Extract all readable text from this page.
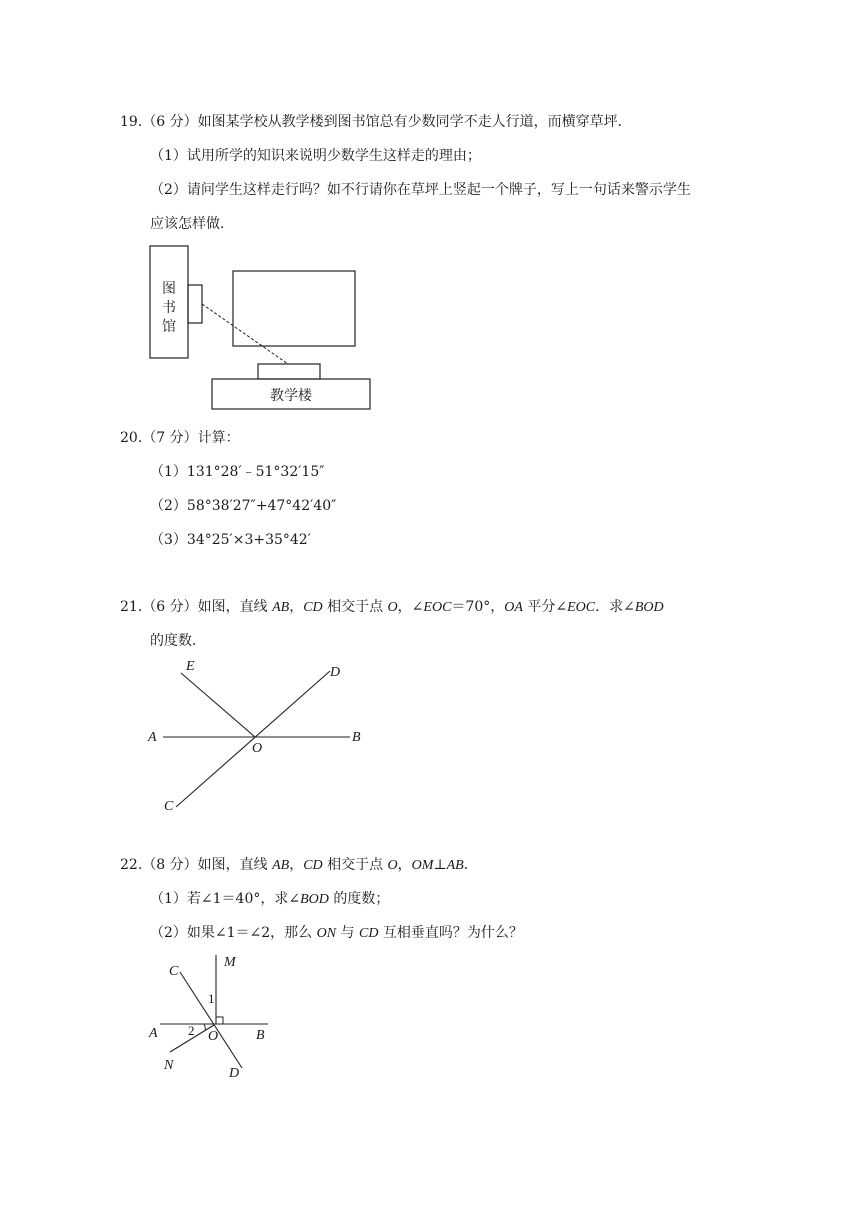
19.（6 分）如图某学校从教学楼到图书馆总有少数同学不走人行道，而横穿草坪．
（1）试用所学的知识来说明少数学生这样走的理由；
（2）请问学生这样走行吗？如不行请你在草坪上竖起一个牌子，写上一句话来警示学生
应该怎样做．
图
书
馆
教学楼
20.（7 分）计算：
（1）131°28′﹣51°32′15″
（2）58°38′27″+47°42′40″
（3）34°25′×3+35°42′
21.（6 分）如图，直线 AB，CD 相交于点 O，∠EOC＝70°，OA 平分∠EOC．求∠BOD
的度数．
E	D
A
O
B
C
22.（8 分）如图，直线 AB，CD 相交于点 O，OM⊥AB．
（1）若∠1＝40°，求∠BOD 的度数；
（2）如果∠1＝∠2，那么 ON 与 CD 互相垂直吗？为什么？
C
M
1
A 2 O	B
N
D
